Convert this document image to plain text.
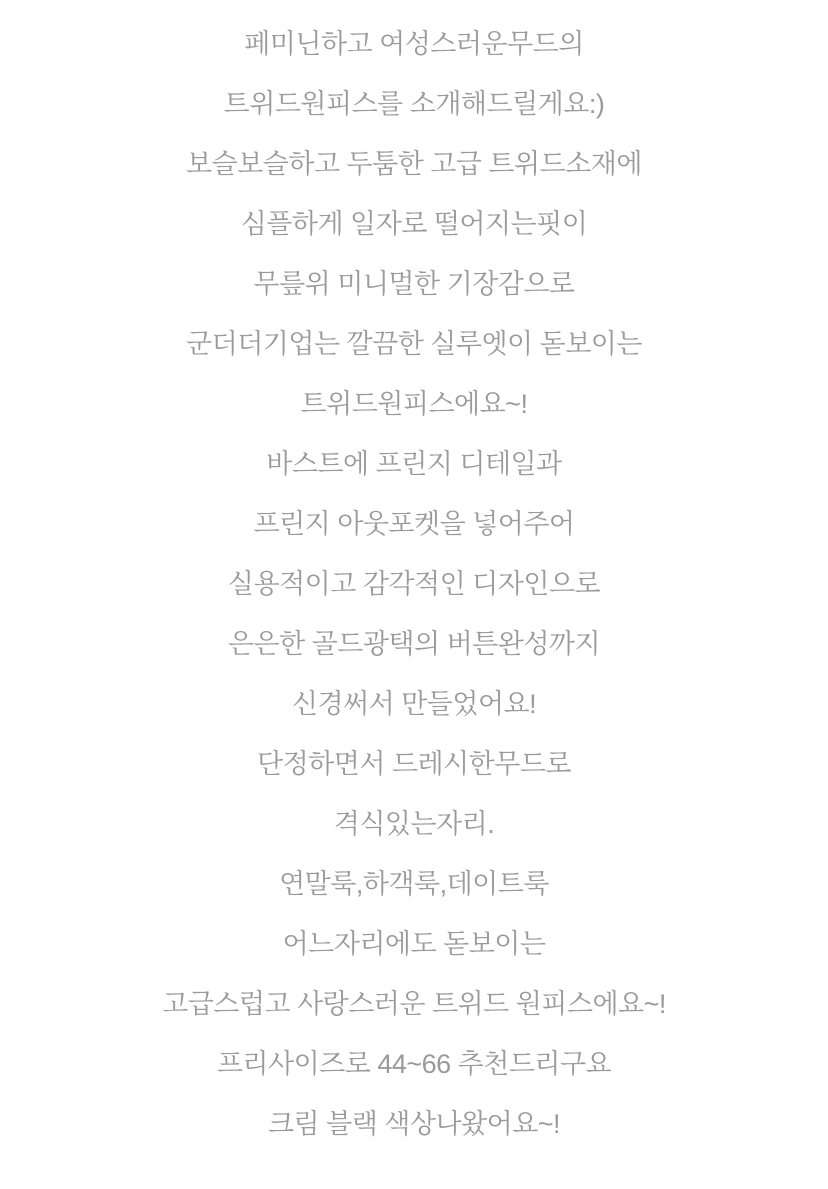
페미닌하고 여성스러운무드의

트위드원피스를 소개해드릴게요:)

보슬보슬하고 두툼한 고급 트위드소재에

심플하게 일자로 떨어지는핏이

무릎위 미니멀한 기장감으로

군더더기업는 깔끔한 실루엣이 돋보이는

트위드원피스에요~!

바스트에 프린지 디테일과

프린지 아웃포켓을 넣어주어

실용적이고 감각적인 디자인으로

은은한 골드광택의 버튼완성까지

신경써서 만들었어요!

단정하면서 드레시한무드로

격식있는자리.

연말룩,하객룩,데이트룩

어느자리에도 돋보이는

고급스럽고 사랑스러운 트위드 원피스에요~!

프리사이즈로 44~66 추천드리구요

크림 블랙 색상나왔어요~!
